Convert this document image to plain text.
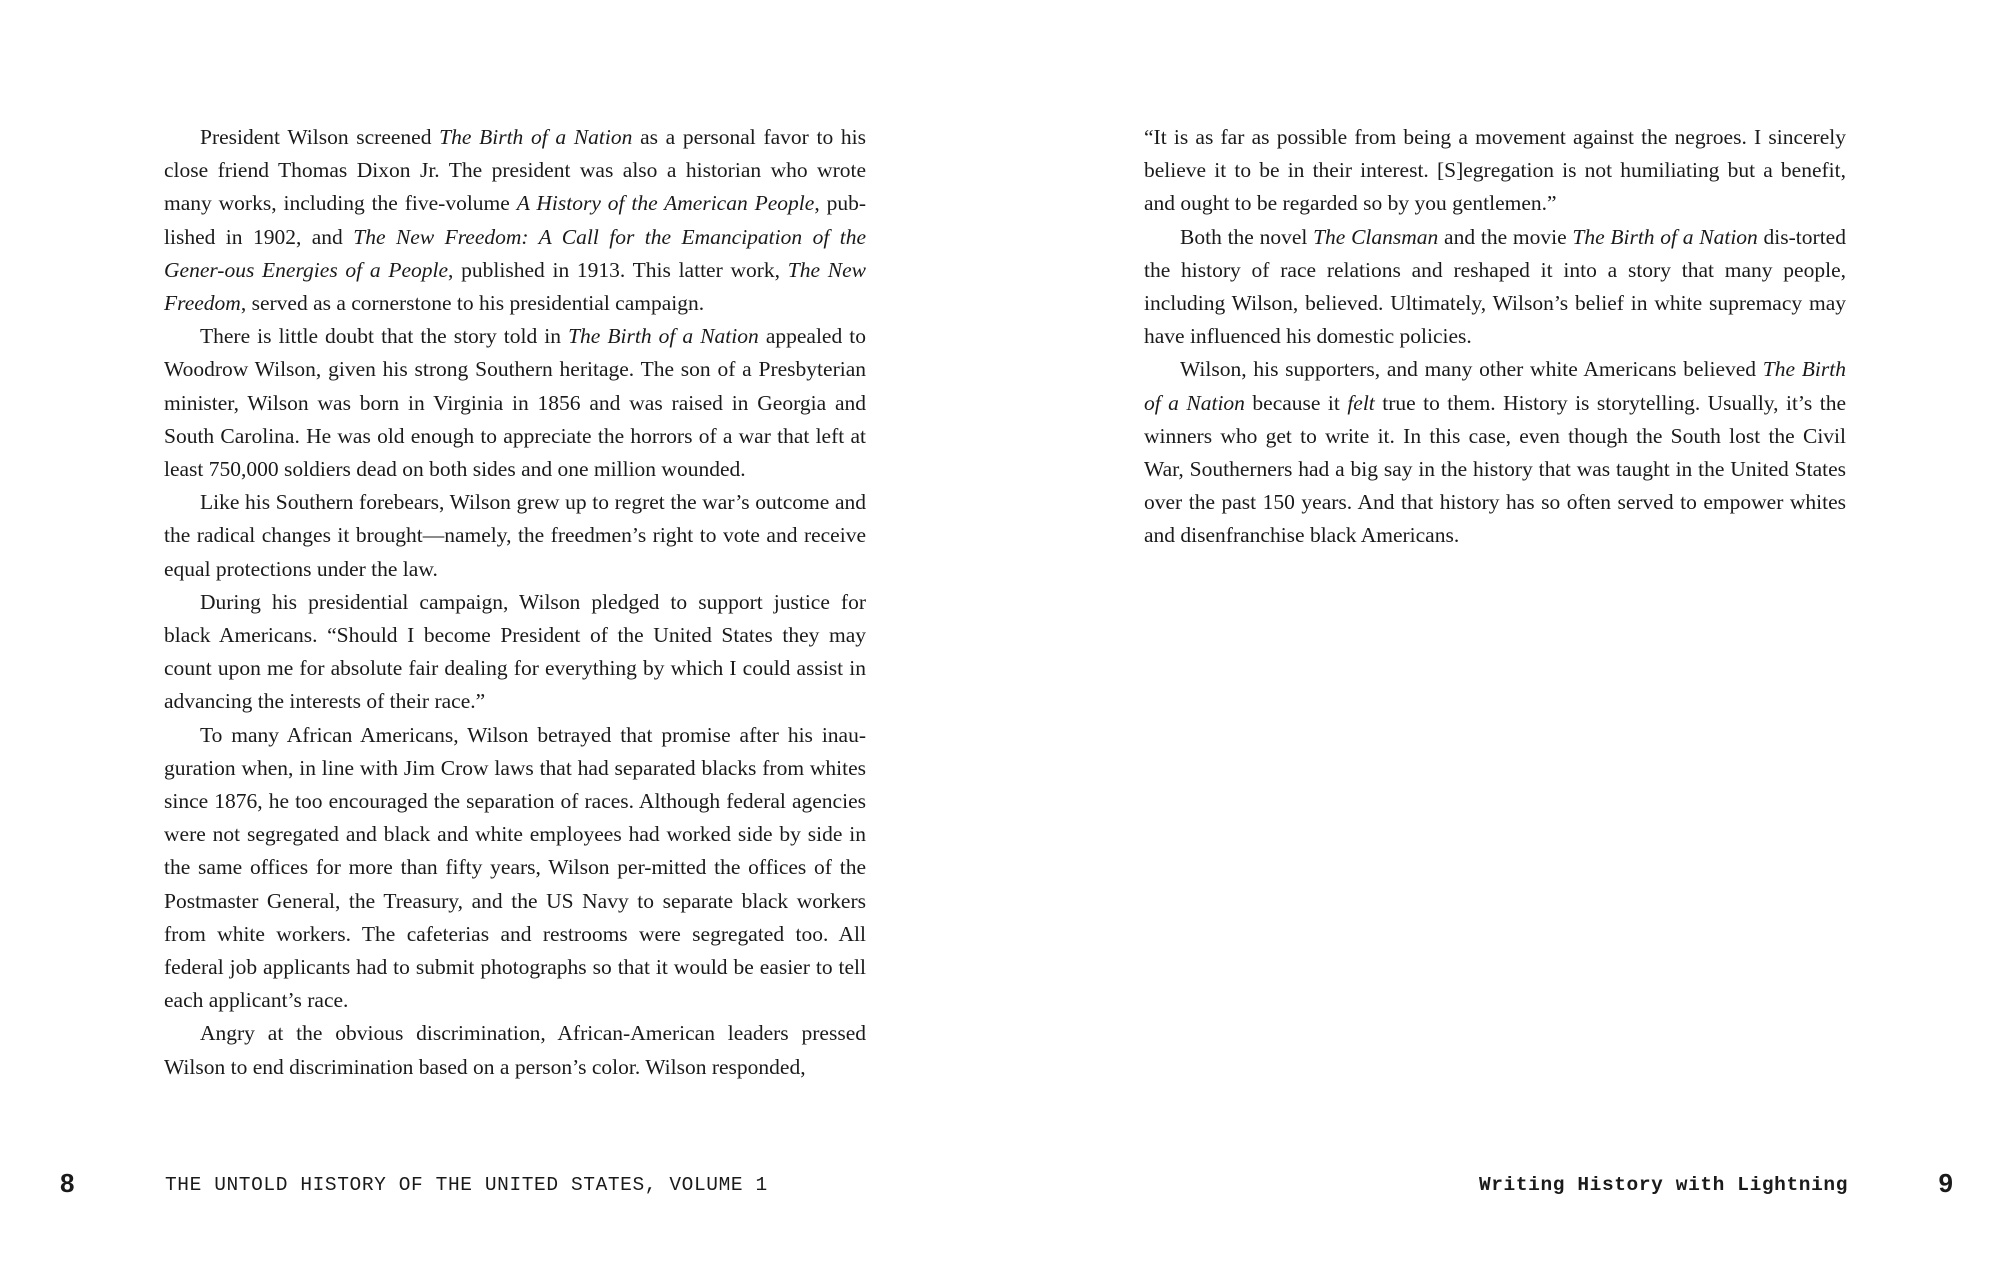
President Wilson screened The Birth of a Nation as a personal favor to his close friend Thomas Dixon Jr. The president was also a historian who wrote many works, including the five-volume A History of the American People, pub-lished in 1902, and The New Freedom: A Call for the Emancipation of the Gener-ous Energies of a People, published in 1913. This latter work, The New Freedom, served as a cornerstone to his presidential campaign.

There is little doubt that the story told in The Birth of a Nation appealed to Woodrow Wilson, given his strong Southern heritage. The son of a Presbyterian minister, Wilson was born in Virginia in 1856 and was raised in Georgia and South Carolina. He was old enough to appreciate the horrors of a war that left at least 750,000 soldiers dead on both sides and one million wounded.

Like his Southern forebears, Wilson grew up to regret the war’s outcome and the radical changes it brought—namely, the freedmen’s right to vote and receive equal protections under the law.

During his presidential campaign, Wilson pledged to support justice for black Americans. “Should I become President of the United States they may count upon me for absolute fair dealing for everything by which I could assist in advancing the interests of their race.”

To many African Americans, Wilson betrayed that promise after his inau-guration when, in line with Jim Crow laws that had separated blacks from whites since 1876, he too encouraged the separation of races. Although federal agencies were not segregated and black and white employees had worked side by side in the same offices for more than fifty years, Wilson per-mitted the offices of the Postmaster General, the Treasury, and the US Navy to separate black workers from white workers. The cafeterias and restrooms were segregated too. All federal job applicants had to submit photographs so that it would be easier to tell each applicant’s race.

Angry at the obvious discrimination, African-American leaders pressed Wilson to end discrimination based on a person’s color. Wilson responded,

8	THE UNTOLD HISTORY OF THE UNITED STATES, VOLUME 1

“It is as far as possible from being a movement against the negroes. I sincerely believe it to be in their interest. [S]egregation is not humiliating but a benefit, and ought to be regarded so by you gentlemen.”

Both the novel The Clansman and the movie The Birth of a Nation dis-torted the history of race relations and reshaped it into a story that many people, including Wilson, believed. Ultimately, Wilson’s belief in white supremacy may have influenced his domestic policies.

Wilson, his supporters, and many other white Americans believed The Birth of a Nation because it felt true to them. History is storytelling. Usually, it’s the winners who get to write it. In this case, even though the South lost the Civil War, Southerners had a big say in the history that was taught in the United States over the past 150 years. And that history has so often served to empower whites and disenfranchise black Americans.

Writing History with Lightning	9
